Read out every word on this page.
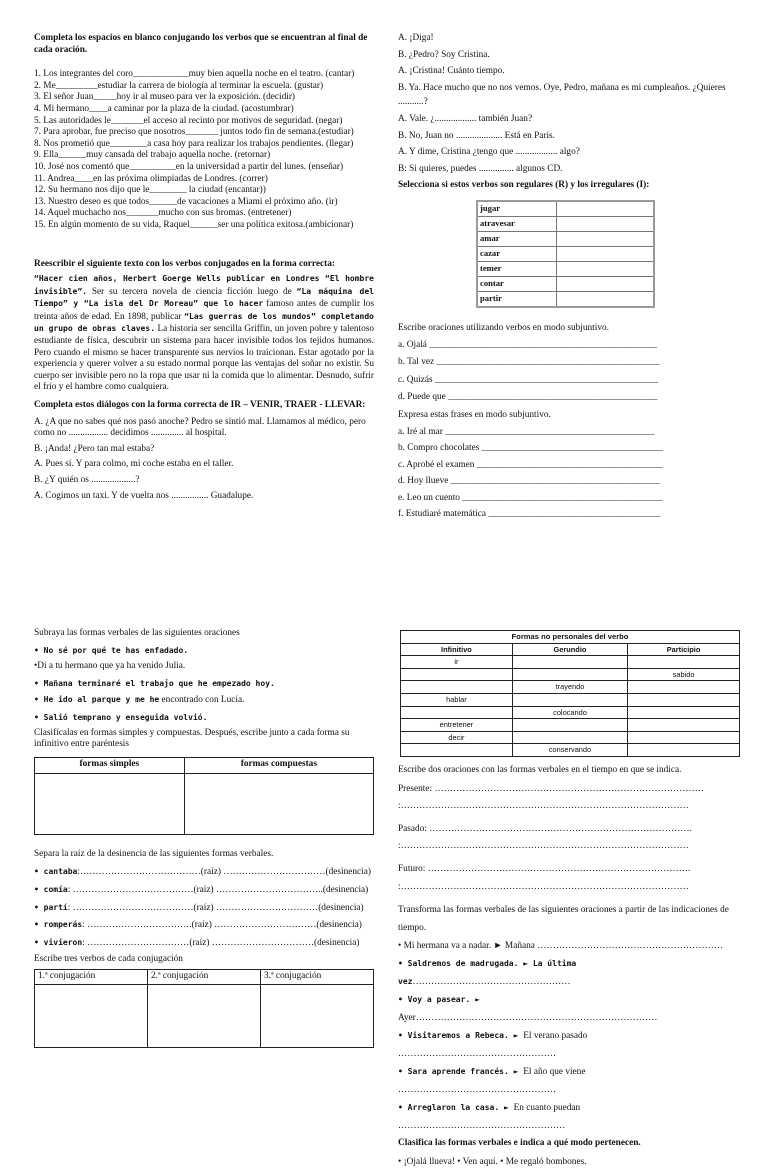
Completa los espacios en blanco conjugando los verbos que se encuentran al final de cada oración.

1. Los integrantes del coro____________muy bien aquella noche en el teatro. (cantar)

2. Me_________estudiar la carrera de biología al terminar la escuela. (gustar)

3. El señor Juan_____hoy ir al museo para ver la exposición. (decidir)

4. Mi hermano____a caminar por la plaza de la ciudad. (acostumbrar)

5. Las autoridades le_______el acceso al recinto por motivos de seguridad. (negar)

7. Para aprobar, fue preciso que nosotros_______ juntos todo fin de semana.(estudiar)

8. Nos prometió que________a casa hoy para realizar los trabajos pendientes. (llegar)

9. Ella______muy cansada del trabajo aquella noche. (retornar)

10. José nos comentó que__________en la universidad a partir del lunes. (enseñar)

11. Andrea____en las próxima olimpiadas de Londres. (correr)

12. Su hermano nos dijo que le________ la ciudad (encantar))

13. Nuestro deseo es que todos______de vacaciones a Miami el próximo año. (ir)

14. Aquel muchacho nos_______mucho con sus bromas. (entretener)

15. En algún momento de su vida, Raquel______ser una política exitosa.(ambicionar)

Reescribir el siguiente texto con los verbos conjugados en la forma correcta:

“Hacer cien años, Herbert Goerge Wells publicar en Londres “El hombre invisible”. Ser su tercera novela de ciencia ficción luego de “La máquina del Tiempo” y “La isla del Dr Moreau” que lo hacer famoso antes de cumplir los treinta años de edad. En 1898, publicar “Las guerras de los mundos” completando un grupo de obras claves. La historia ser sencilla Griffin, un joven pobre y talentoso estudiante de física, descubrir un sistema para hacer invisible todos los tejidos humanos. Pero cuando el mismo se hacer transparente sus nervios lo traicionan. Estar agotado por la experiencia y querer volver a su estado normal porque las ventajas del soñar no existir. Su cuerpo ser invisible pero no la ropa que usar ni la comida que lo alimentar. Desnudo, sufrir el frío y el hambre como cualquiera.

Completa estos diálogos con la forma correcta de IR – VENIR, TRAER - LLEVAR:

A. ¿A que no sabes qué nos pasó anoche? Pedro se sintió mal. Llamamos al médico, pero como no ................. decidimos .............. al hospital.

B. ¡Anda! ¿Pero tan mal estaba?

A. Pues sí. Y para colmo, mi coche estaba en el taller.

B. ¿Y quién os ...................?

A. Cogimos un taxi. Y de vuelta nos ................ Guadalupe.

A. ¡Diga!

B. ¿Pedro? Soy Cristina.

A. ¡Cristina! Cuánto tiempo.

B. Ya. Hace mucho que no nos vemos. Oye, Pedro, mañana es mi cumpleaños. ¿Quieres

...........?

A. Vale. ¿.................. también Juan?

B. No, Juan no .................... Está en París.

A. Y dime, Cristina ¿tengo que .................. algo?

B: Si quieres, puedes ............... algunos CD.

Selecciona si estos verbos son regulares (R) y los irregulares (I):

jugar	
atravesar	
amar	
cazar	
temer	
contar	
partir	

Escribe oraciones utilizando verbos en modo subjuntivo.

a. Ojalá _________________________________________________

b. Tal vez ________________________________________________

c. Quizás ________________________________________________

d. Puede que _____________________________________________

Expresa estas frases en modo subjuntivo.

a. Iré al mar _____________________________________________

b. Compro chocolates _______________________________________

c. Aprobé el examen ________________________________________

d. Hoy llueve _____________________________________________

e. Leo un cuento ___________________________________________

f. Estudiaré matemática _____________________________________

Subraya las formas verbales de las siguientes oraciones

• No sé por qué te has enfadado.

•Di a tu hermano que ya ha venido Julia.

• Mañana terminaré el trabajo que he empezado hoy.

• He ido al parque y me he encontrado con Lucía.

• Salió temprano y enseguida volvió.

Clasifícalas en formas simples y compuestas. Después, escribe junto a cada forma su infinitivo entre paréntesis

formas simples	formas compuestas

Separa la raíz de la desinencia de las siguientes formas verbales.

• cantaba:…………………………………(raíz) ……………………………(desinencia)

• comía: …………………………………(raíz) ……………………………..(desinencia)

• partí: …………………………………(raíz) ……………………………(desinencia)

• romperás: …………………………….(raíz) ……………………………(desinencia)

• vivieron: ……………………………(raíz) ……………………………(desinencia)

Escribe tres verbos de cada conjugación

1.ª conjugación	2.ª conjugación	3.ª conjugación

Formas no personales del verbo		
Infinitivo	Gerundio	Participio
ir		
		sabido
	trayendo	
hablar		
	colocando	
entretener		
decir		
	conservando	

Escribe dos oraciones con las formas verbales en el tiempo en que se indica.

Presente: ……………………………………………………………………………

:…………………………………………………………………………………

Pasado: ………………………………………………………………………….

:…………………………………………………………………………………

Futuro: ………………………………………………………………………….

:…………………………………………………………………………………

Transforma las formas verbales de las siguientes oraciones a partir de las indicaciones de tiempo.

• Mi hermana va a nadar. ► Mañana ……………………………………………………

• Saldremos de madrugada. ► La última vez……………………………………………

• Voy a pasear. ► Ayer……………………………………………………………………

• Visitaremos a Rebeca. ► El verano pasado ……………………………………………

• Sara aprende francés. ► El año que viene ……………………………………………

• Arreglaron la casa. ► En cuanto puedan ………………………………………………

Clasifica las formas verbales e indica a qué modo pertenecen.

• ¡Ojalá llueva! • Ven aquí. • Me regaló bombones.
